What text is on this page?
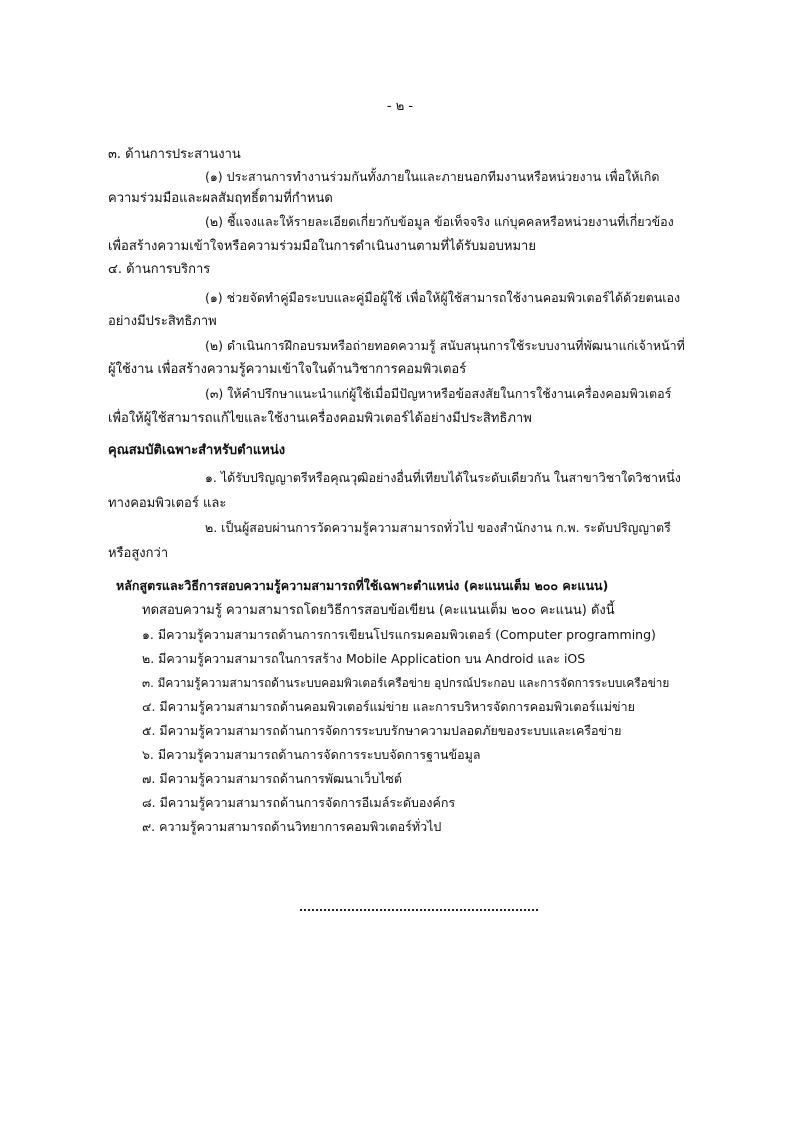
- ๒ -
๓. ด้านการประสานงาน
(๑) ประสานการทำงานร่วมกันทั้งภายในและภายนอกทีมงานหรือหน่วยงาน เพื่อให้เกิด
ความร่วมมือและผลสัมฤทธิ์ตามที่กำหนด
(๒) ชี้แจงและให้รายละเอียดเกี่ยวกับข้อมูล ข้อเท็จจริง แก่บุคคลหรือหน่วยงานที่เกี่ยวข้อง
เพื่อสร้างความเข้าใจหรือความร่วมมือในการดำเนินงานตามที่ได้รับมอบหมาย
๔. ด้านการบริการ
(๑) ช่วยจัดทำคู่มือระบบและคู่มือผู้ใช้ เพื่อให้ผู้ใช้สามารถใช้งานคอมพิวเตอร์ได้ด้วยตนเอง
อย่างมีประสิทธิภาพ
(๒) ดำเนินการฝึกอบรมหรือถ่ายทอดความรู้ สนับสนุนการใช้ระบบงานที่พัฒนาแก่เจ้าหน้าที่
ผู้ใช้งาน เพื่อสร้างความรู้ความเข้าใจในด้านวิชาการคอมพิวเตอร์
(๓) ให้คำปรึกษาแนะนำแก่ผู้ใช้เมื่อมีปัญหาหรือข้อสงสัยในการใช้งานเครื่องคอมพิวเตอร์
เพื่อให้ผู้ใช้สามารถแก้ไขและใช้งานเครื่องคอมพิวเตอร์ได้อย่างมีประสิทธิภาพ
คุณสมบัติเฉพาะสำหรับตำแหน่ง
๑. ได้รับปริญญาตรีหรือคุณวุฒิอย่างอื่นที่เทียบได้ในระดับเดียวกัน ในสาขาวิชาใดวิชาหนึ่ง
ทางคอมพิวเตอร์ และ
๒. เป็นผู้สอบผ่านการวัดความรู้ความสามารถทั่วไป ของสำนักงาน ก.พ. ระดับปริญญาตรี
หรือสูงกว่า
หลักสูตรและวิธีการสอบความรู้ความสามารถที่ใช้เฉพาะตำแหน่ง (คะแนนเต็ม ๒๐๐ คะแนน)
ทดสอบความรู้ ความสามารถโดยวิธีการสอบข้อเขียน (คะแนนเต็ม ๒๐๐ คะแนน) ดังนี้
๑. มีความรู้ความสามารถด้านการการเขียนโปรแกรมคอมพิวเตอร์ (Computer programming)
๒. มีความรู้ความสามารถในการสร้าง Mobile Application บน Android และ iOS
๓. มีความรู้ความสามารถด้านระบบคอมพิวเตอร์เครือข่าย อุปกรณ์ประกอบ และการจัดการระบบเครือข่าย
๔. มีความรู้ความสามารถด้านคอมพิวเตอร์แม่ข่าย และการบริหารจัดการคอมพิวเตอร์แม่ข่าย
๕. มีความรู้ความสามารถด้านการจัดการระบบรักษาความปลอดภัยของระบบและเครือข่าย
๖. มีความรู้ความสามารถด้านการจัดการระบบจัดการฐานข้อมูล
๗. มีความรู้ความสามารถด้านการพัฒนาเว็บไซต์
๘. มีความรู้ความสามารถด้านการจัดการอีเมล์ระดับองค์กร
๙. ความรู้ความสามารถด้านวิทยาการคอมพิวเตอร์ทั่วไป
